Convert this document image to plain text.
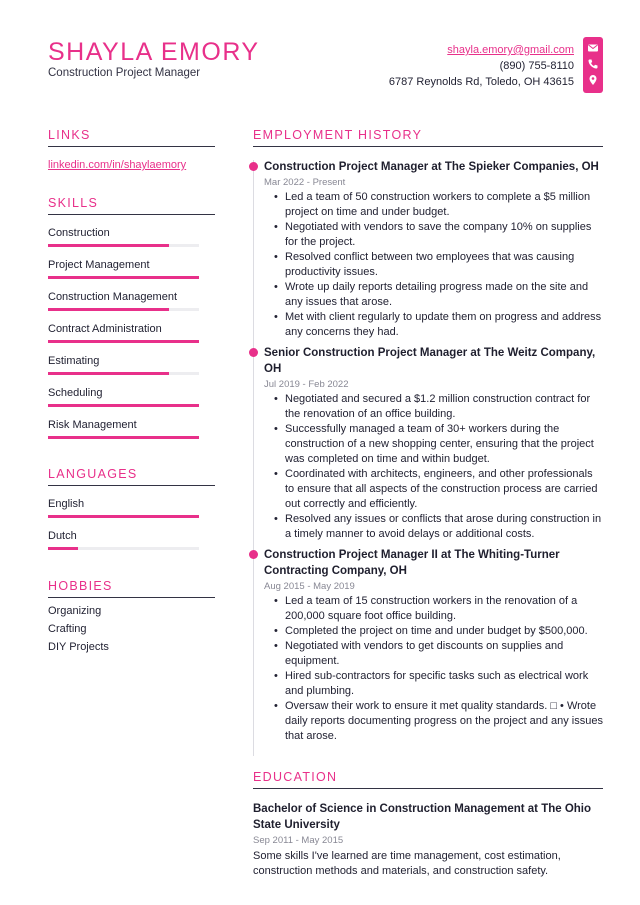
SHAYLA EMORY
Construction Project Manager
shayla.emory@gmail.com
(890) 755-8110
6787 Reynolds Rd, Toledo, OH 43615
LINKS
linkedin.com/in/shaylaemory
SKILLS
Construction
Project Management
Construction Management
Contract Administration
Estimating
Scheduling
Risk Management
LANGUAGES
English
Dutch
HOBBIES
Organizing
Crafting
DIY Projects
EMPLOYMENT HISTORY
Construction Project Manager at The Spieker Companies, OH
Mar 2022 - Present
• Led a team of 50 construction workers to complete a $5 million project on time and under budget.
• Negotiated with vendors to save the company 10% on supplies for the project.
• Resolved conflict between two employees that was causing productivity issues.
• Wrote up daily reports detailing progress made on the site and any issues that arose.
• Met with client regularly to update them on progress and address any concerns they had.
Senior Construction Project Manager at The Weitz Company, OH
Jul 2019 - Feb 2022
• Negotiated and secured a $1.2 million construction contract for the renovation of an office building.
• Successfully managed a team of 30+ workers during the construction of a new shopping center, ensuring that the project was completed on time and within budget.
• Coordinated with architects, engineers, and other professionals to ensure that all aspects of the construction process are carried out correctly and efficiently.
• Resolved any issues or conflicts that arose during construction in a timely manner to avoid delays or additional costs.
Construction Project Manager II at The Whiting-Turner Contracting Company, OH
Aug 2015 - May 2019
• Led a team of 15 construction workers in the renovation of a 200,000 square foot office building.
• Completed the project on time and under budget by $500,000.
• Negotiated with vendors to get discounts on supplies and equipment.
• Hired sub-contractors for specific tasks such as electrical work and plumbing.
• Oversaw their work to ensure it met quality standards. □ • Wrote daily reports documenting progress on the project and any issues that arose.
EDUCATION
Bachelor of Science in Construction Management at The Ohio State University
Sep 2011 - May 2015
Some skills I've learned are time management, cost estimation, construction methods and materials, and construction safety.
